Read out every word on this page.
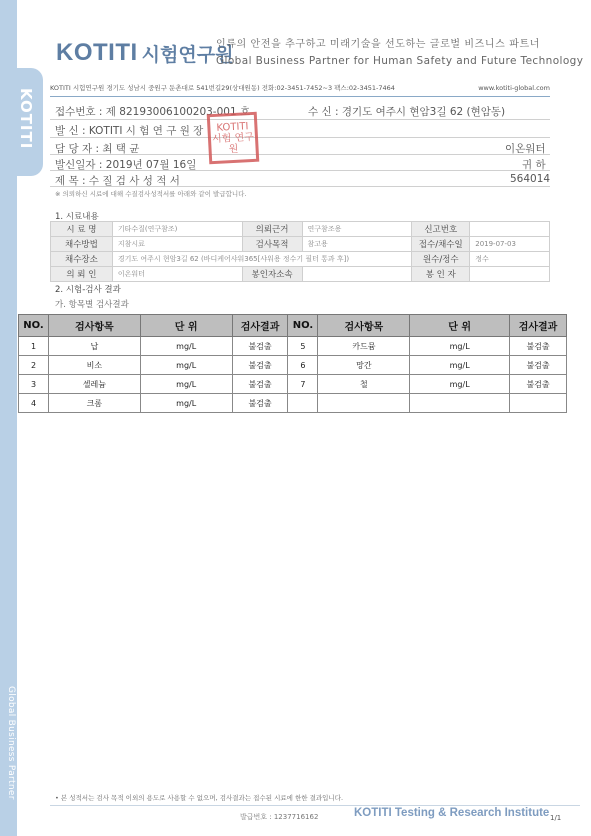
KOTITI
Global Business Partner
KOTITI 시험연구원
인류의 안전을 추구하고 미래기술을 선도하는 글로벌 비즈니스 파트너
Global Business Partner for Human Safety and Future Technology
KOTITI 시험연구원 경기도 성남시 중원구 둔촌대로 541번길29(상대원동) 전화:02-3451-7452~3 팩스:02-3451-7464	www.kotiti-global.com
접수번호 : 제 82193006100203-001 호	수 신 : 경기도 여주시 현암3길 62 (현암동)
발 신 : KOTITI 시 험 연 구 원 장
담 당 자 : 최 택 균	이온워터
발신일자 : 2019년 07월 16일	귀 하
제 목 : 수 질 검 사 성 적 서	564014
※ 의뢰하신 시료에 대해 수질검사성적서를 아래와 같이 발급합니다.
KOTITI 시험 연구원
1. 시료내용
시 료 명	기타수질(연구참조)	의뢰근거	연구참조용	신고번호	
채수방법	지참시료	검사목적	참고용	접수/채수일	2019-07-03
채수장소	경기도 여주시 현암3길 62 (바디케어샤워365[샤워용 정수기 필터 통과 후])			원수/정수	정수
의 뢰 인	이온워터	봉인자소속		봉 인 자	
2. 시험-검사 결과
가. 항목별 검사결과
NO.	검사항목	단 위	검사결과	NO.	검사항목	단 위	검사결과
1	납	mg/L	불검출	5	카드뮴	mg/L	불검출
2	비소	mg/L	불검출	6	망간	mg/L	불검출
3	셀레늄	mg/L	불검출	7	철	mg/L	불검출
4	크롬	mg/L	불검출				
• 본 성적서는 검사 목적 이외의 용도로 사용할 수 없으며, 검사결과는 접수된 시료에 한한 결과입니다.
발급번호 : 1237716162	KOTITI Testing & Research Institute 1/1
